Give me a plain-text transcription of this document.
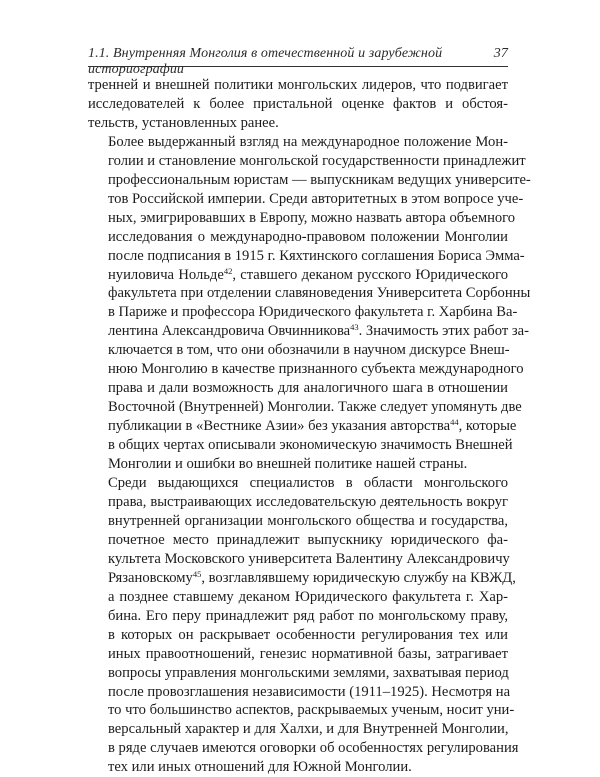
1.1. Внутренняя Монголия в отечественной и зарубежной историографии
37

тренней и внешней политики монгольских лидеров, что подвигает
исследователей к более пристальной оценке фактов и обстоя-
тельств, установленных ранее.

Более выдержанный взгляд на международное положение Мон-
голии и становление монгольской государственности принадлежит
профессиональным юристам — выпускникам ведущих университе-
тов Российской империи. Среди авторитетных в этом вопросе уче-
ных, эмигрировавших в Европу, можно назвать автора объемного
исследования о международно-правовом положении Монголии
после подписания в 1915 г. Кяхтинского соглашения Бориса Эмма-
нуиловича Нольде$^{42}$, ставшего деканом русского Юридического
факультета при отделении славяноведения Университета Сорбонны
в Париже и профессора Юридического факультета г. Харбина Ва-
лентина Александровича Овчинникова$^{43}$. Значимость этих работ за-
ключается в том, что они обозначили в научном дискурсе Внеш-
нюю Монголию в качестве признанного субъекта международного
права и дали возможность для аналогичного шага в отношении
Восточной (Внутренней) Монголии. Также следует упомянуть две
публикации в «Вестнике Азии» без указания авторства$^{44}$, которые
в общих чертах описывали экономическую значимость Внешней
Монголии и ошибки во внешней политике нашей страны.

Среди выдающихся специалистов в области монгольского
права, выстраивающих исследовательскую деятельность вокруг
внутренней организации монгольского общества и государства,
почетное место принадлежит выпускнику юридического фа-
культета Московского университета Валентину Александровичу
Рязановскому$^{45}$, возглавлявшему юридическую службу на КВЖД,
а позднее ставшему деканом Юридического факультета г. Хар-
бина. Его перу принадлежит ряд работ по монгольскому праву,
в которых он раскрывает особенности регулирования тех или
иных правоотношений, генезис нормативной базы, затрагивает
вопросы управления монгольскими землями, захватывая период
после провозглашения независимости (1911–1925). Несмотря на
то что большинство аспектов, раскрываемых ученым, носит уни-
версальный характер и для Халхи, и для Внутренней Монголии,
в ряде случаев имеются оговорки об особенностях регулирования
тех или иных отношений для Южной Монголии.
